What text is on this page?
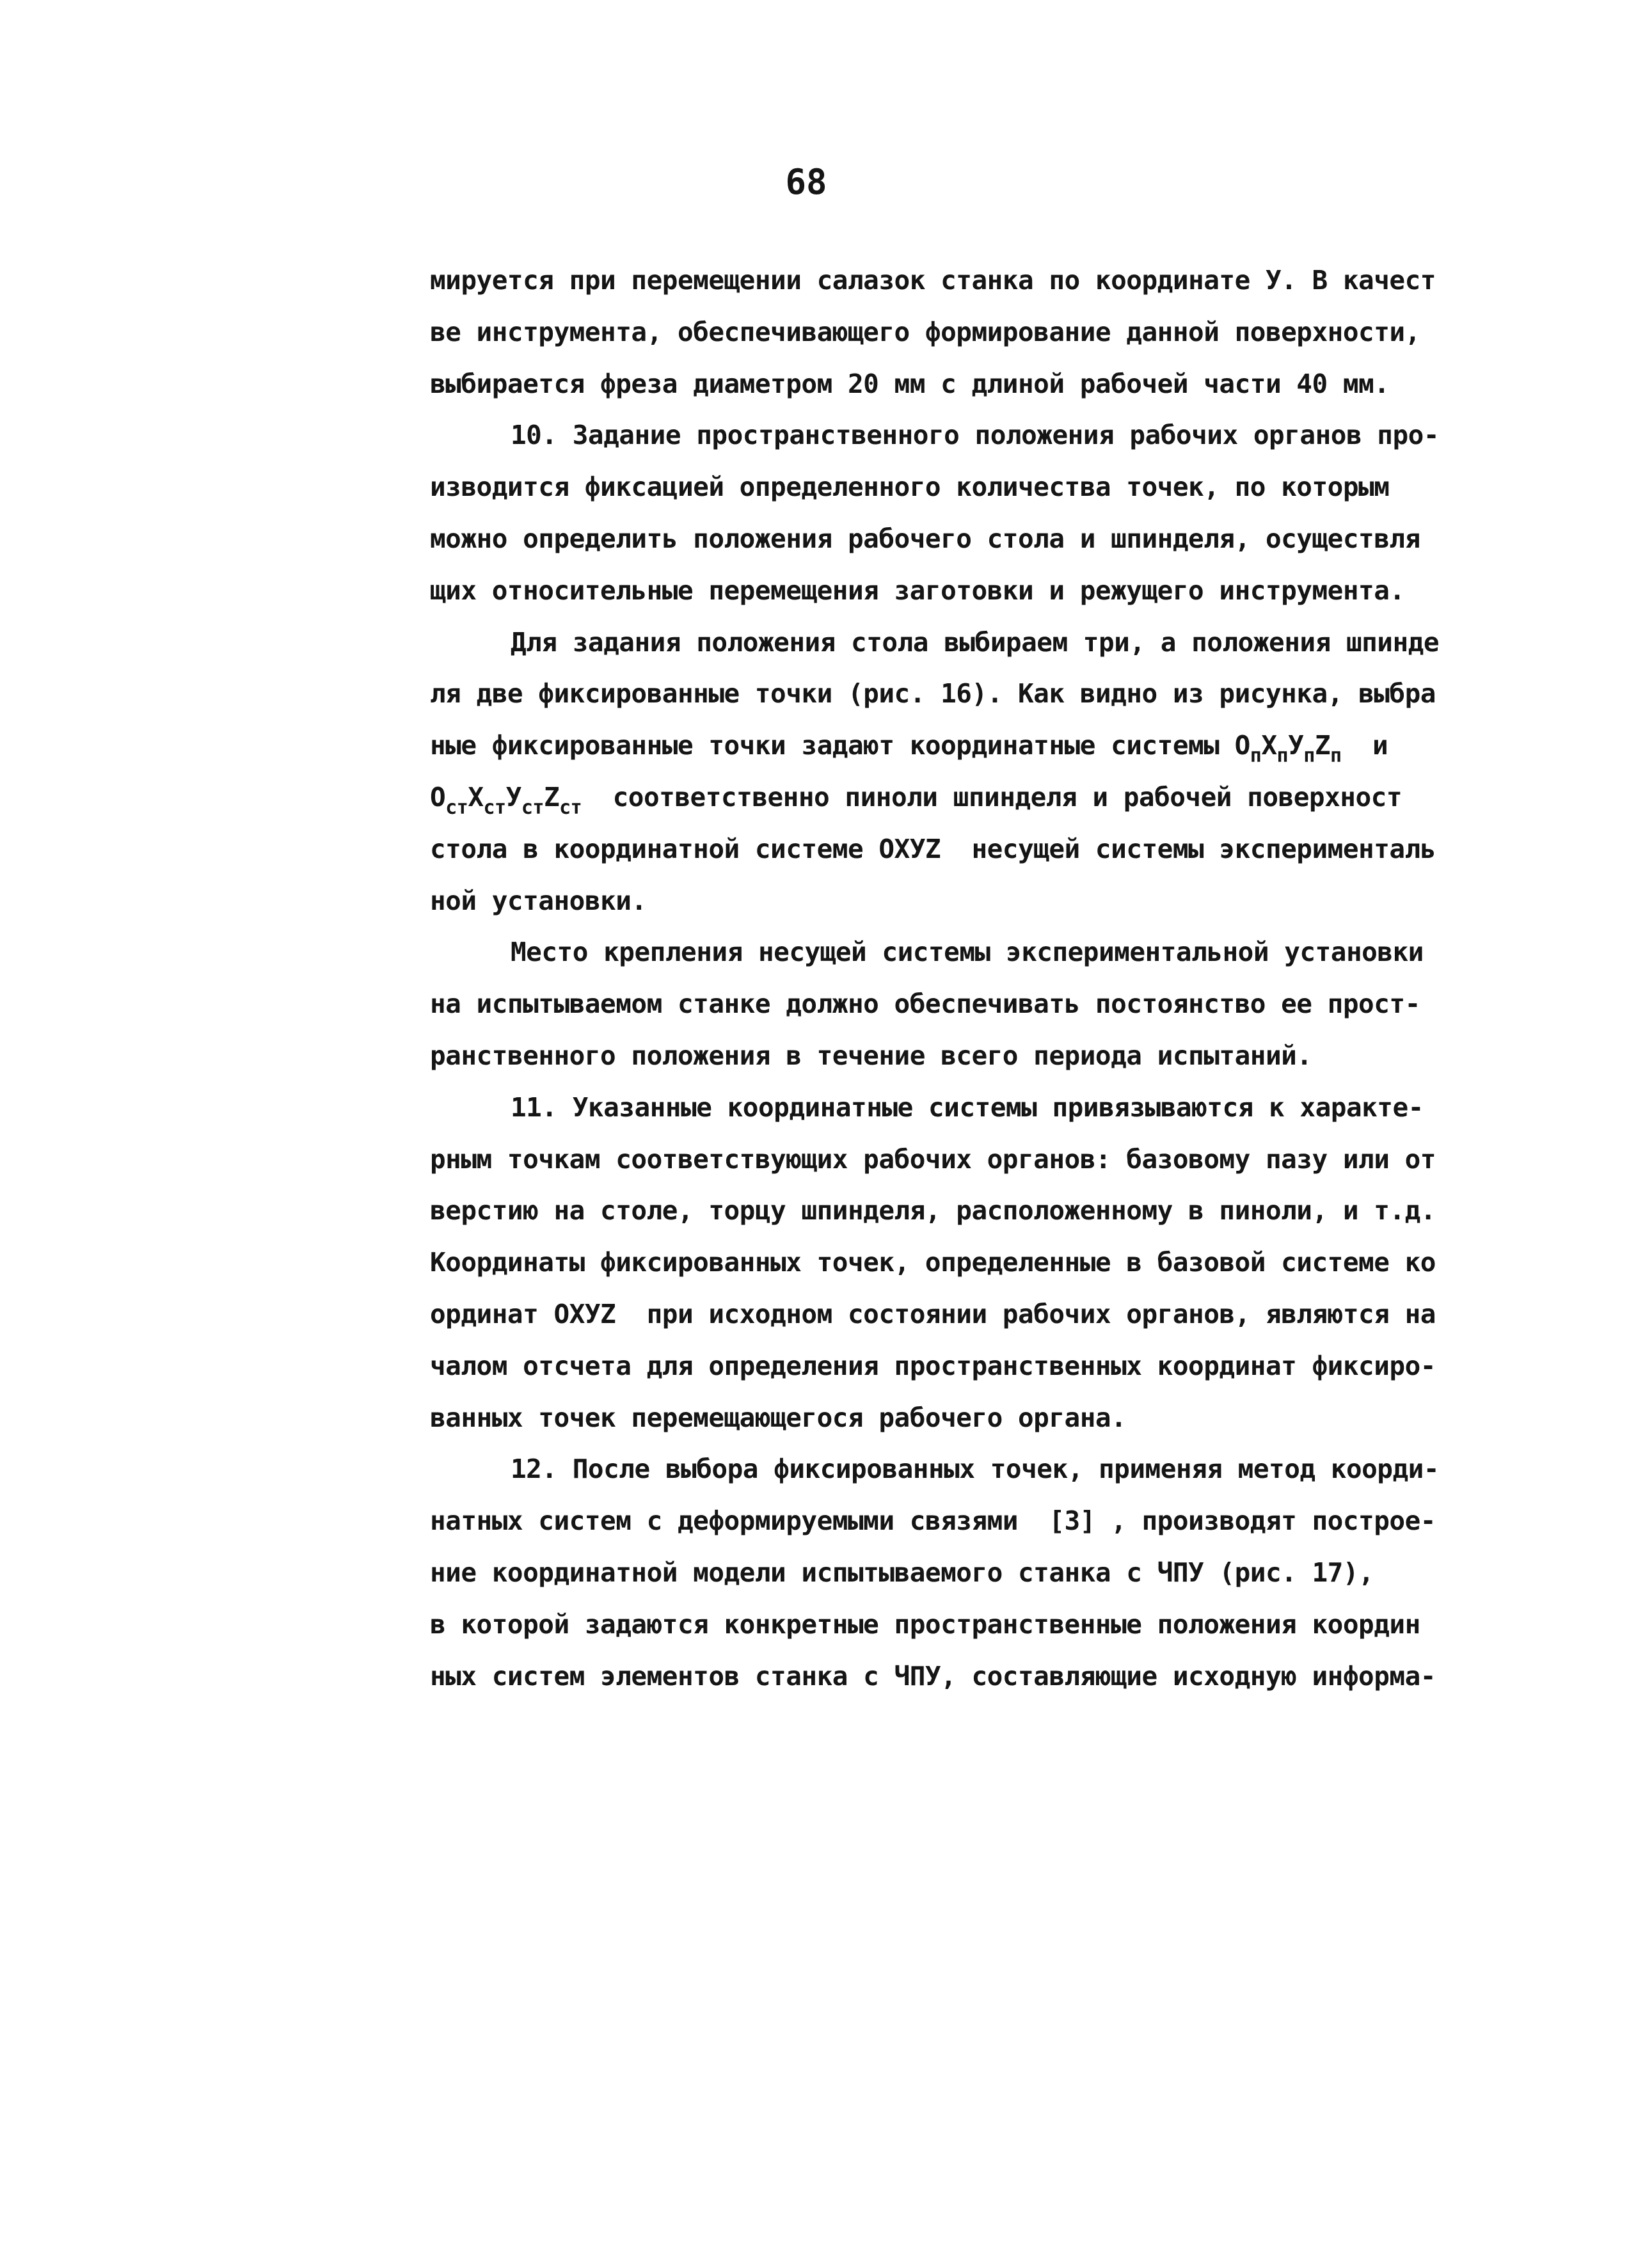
68
мируется при перемещении салазок станка по координате У. В качест
ве инструмента, обеспечивающего формирование данной поверхности,
выбирается фреза диаметром 20 мм с длиной рабочей части 40 мм.
10. Задание пространственного положения рабочих органов про-
изводится фиксацией определенного количества точек, по которым
можно определить положения рабочего стола и шпинделя, осуществля
щих относительные перемещения заготовки и режущего инструмента.
Для задания положения стола выбираем три, а положения шпинде
ля две фиксированные точки (рис. 16). Как видно из рисунка, выбра
ные фиксированные точки задают координатные системы $O_пX_пУ_пZ_п$ и
$O_{ст}X_{ст}У_{ст}Z_{ст}$ соответственно пиноли шпинделя и рабочей поверхност
стола в координатной системе ОХУZ  несущей системы эксперименталь
ной установки.
Место крепления несущей системы экспериментальной установки
на испытываемом станке должно обеспечивать постоянство ее прост-
ранственного положения в течение всего периода испытаний.
11. Указанные координатные системы привязываются к характе-
рным точкам соответствующих рабочих органов: базовому пазу или от
верстию на столе, торцу шпинделя, расположенному в пиноли, и т.д.
Координаты фиксированных точек, определенные в базовой системе ко
ординат ОХУZ  при исходном состоянии рабочих органов, являются на
чалом отсчета для определения пространственных координат фиксиро-
ванных точек перемещающегося рабочего органа.
12. После выбора фиксированных точек, применяя метод коорди-
натных систем с деформируемыми связями  [3] , производят построе-
ние координатной модели испытываемого станка с ЧПУ (рис. 17),
в которой задаются конкретные пространственные положения координ
ных систем элементов станка с ЧПУ, составляющие исходную информа-
